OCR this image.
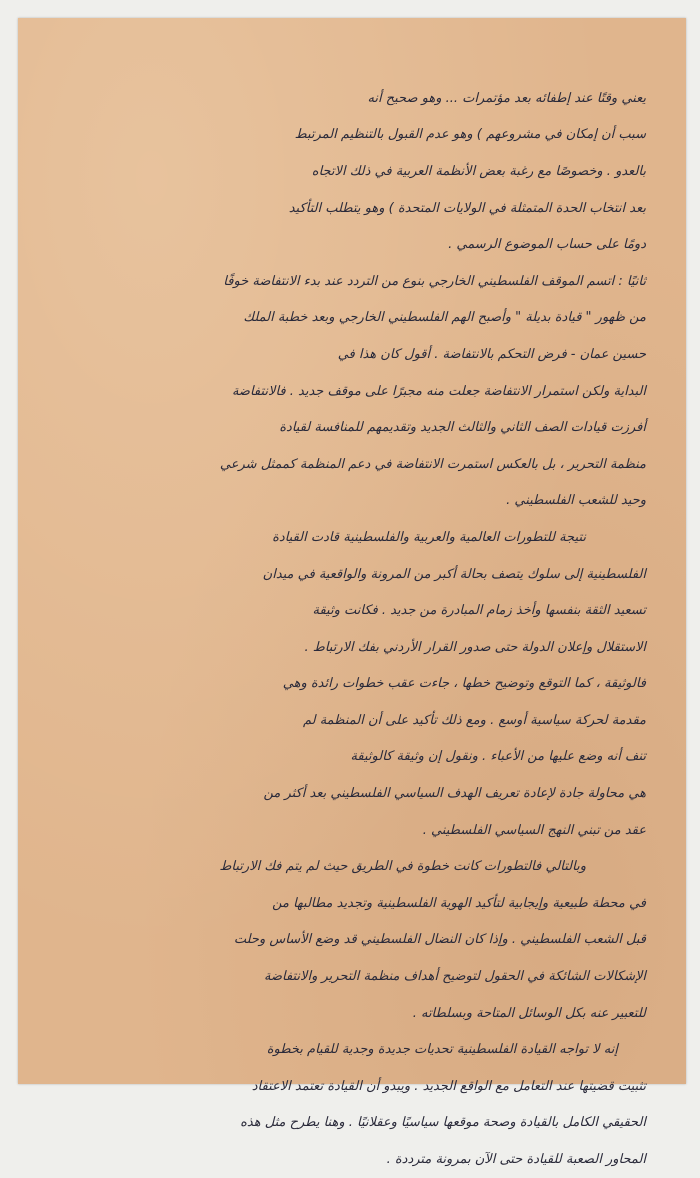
يعني وقتًا عند إطفائه بعد مؤتمرات ... وهو صحيح أنه
سبب أن إمكان في مشروعهم ) وهو عدم القبول بالتنظيم المرتبط
بالعدو . وخصوصًا مع رغبة بعض الأنظمة العربية في ذلك الاتجاه
بعد انتخاب الحدة المتمثلة في الولايات المتحدة ) وهو يتطلب التأكيد
دومًا على حساب الموضوع الرسمي .
ثانيًا : اتسم الموقف الفلسطيني الخارجي بنوع من التردد عند بدء الانتفاضة خوفًا
من ظهور " قيادة بديلة " وأصبح الهم الفلسطيني الخارجي وبعد خطبة الملك
حسين عمان - فرض التحكم بالانتفاضة . أقول كان هذا في
البداية ولكن استمرار الانتفاضة جعلت منه مجبرًا على موقف جديد . فالانتفاضة
أفرزت قيادات الصف الثاني والثالث الجديد وتقديمهم للمنافسة لقيادة
منظمة التحرير ، بل بالعكس استمرت الانتفاضة في دعم المنظمة كممثل شرعي
وحيد للشعب الفلسطيني .
نتيجة للتطورات العالمية والعربية والفلسطينية قادت القيادة
الفلسطينية إلى سلوك يتصف بحالة أكبر من المرونة والواقعية في ميدان
تسعيد الثقة بنفسها وأخذ زمام المبادرة من جديد . فكانت وثيقة
الاستقلال وإعلان الدولة حتى صدور القرار الأردني بفك الارتباط .
فالوثيقة ، كما التوقع وتوضيح خطها ، جاءت عقب خطوات رائدة وهي
مقدمة لحركة سياسية أوسع . ومع ذلك تأكيد على أن المنظمة لم
تنف أنه وضع عليها من الأعباء . ونقول إن وثيقة كالوثيقة
هي محاولة جادة لإعادة تعريف الهدف السياسي الفلسطيني بعد أكثر من
عقد من تبني النهج السياسي الفلسطيني .
وبالتالي فالتطورات كانت خطوة في الطريق حيث لم يتم فك الارتباط
في محطة طبيعية وإيجابية لتأكيد الهوية الفلسطينية وتجديد مطالبها من
قبل الشعب الفلسطيني . وإذا كان النضال الفلسطيني قد وضع الأساس وحلت
الإشكالات الشائكة في الحقول لتوضيح أهداف منظمة التحرير والانتفاضة
للتعبير عنه بكل الوسائل المتاحة وبسلطاته .
إنه لا تواجه القيادة الفلسطينية تحديات جديدة وجدية للقيام بخطوة
تثبيت قضيتها عند التعامل مع الواقع الجديد . ويبدو أن القيادة تعتمد الاعتقاد
الحقيقي الكامل بالقيادة وصحة موقعها سياسيًا وعقلانيًا . وهنا يطرح مثل هذه
المحاور الصعبة للقيادة حتى الآن بمرونة مترددة .
